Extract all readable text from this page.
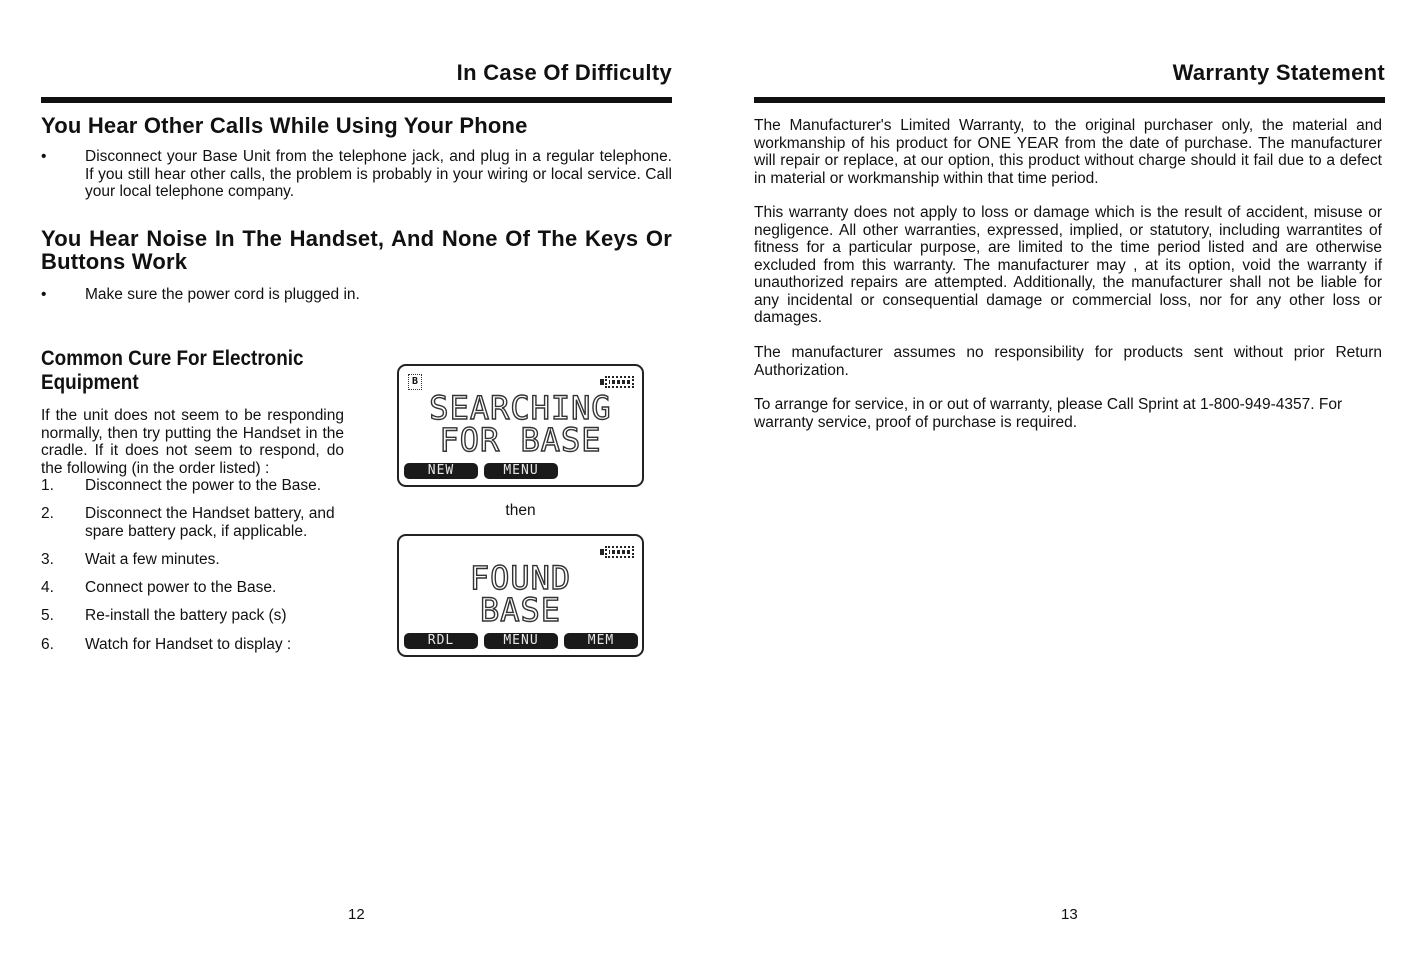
In Case Of Difficulty
You Hear Other Calls While Using Your Phone
•	Disconnect your Base Unit from the telephone jack, and plug in a regular telephone. If you still hear other calls, the problem is probably in your wiring or local service. Call your local telephone company.
You Hear Noise In The Handset, And None Of The Keys Or Buttons Work
•	Make sure the power cord is plugged in.
Common Cure For Electronic Equipment
If the unit does not seem to be responding normally, then try putting the Handset in the cradle. If it does not seem to respond, do the following (in the order listed) :
1. Disconnect the power to the Base.
2. Disconnect the Handset battery, and spare battery pack, if applicable.
3. Wait a few minutes.
4. Connect power to the Base.
5. Re-install the battery pack (s)
6. Watch for Handset to display :
B
SEARCHING
FOR BASE
NEW	MENU
then
FOUND
BASE
RDL	MENU	MEM
12
Warranty Statement
The Manufacturer's Limited Warranty, to the original purchaser only, the material and workmanship of his product for ONE YEAR from the date of purchase. The manufacturer will repair or replace, at our option, this product without charge should it fail due to a defect in material or workmanship within that time period.
This warranty does not apply to loss or damage which is the result of accident, misuse or negligence. All other warranties, expressed, implied, or statutory, including warrantites of fitness for a particular purpose, are limited to the time period listed and are otherwise excluded from this warranty. The manufacturer may , at its option, void the warranty if unauthorized repairs are attempted. Additionally, the manufacturer shall not be liable for any incidental or consequential damage or commercial loss, nor for any other loss or damages.
The manufacturer assumes no responsibility for products sent without prior Return Authorization.
To arrange for service, in or out of warranty, please Call Sprint at 1-800-949-4357. For warranty service, proof of purchase is required.
13
